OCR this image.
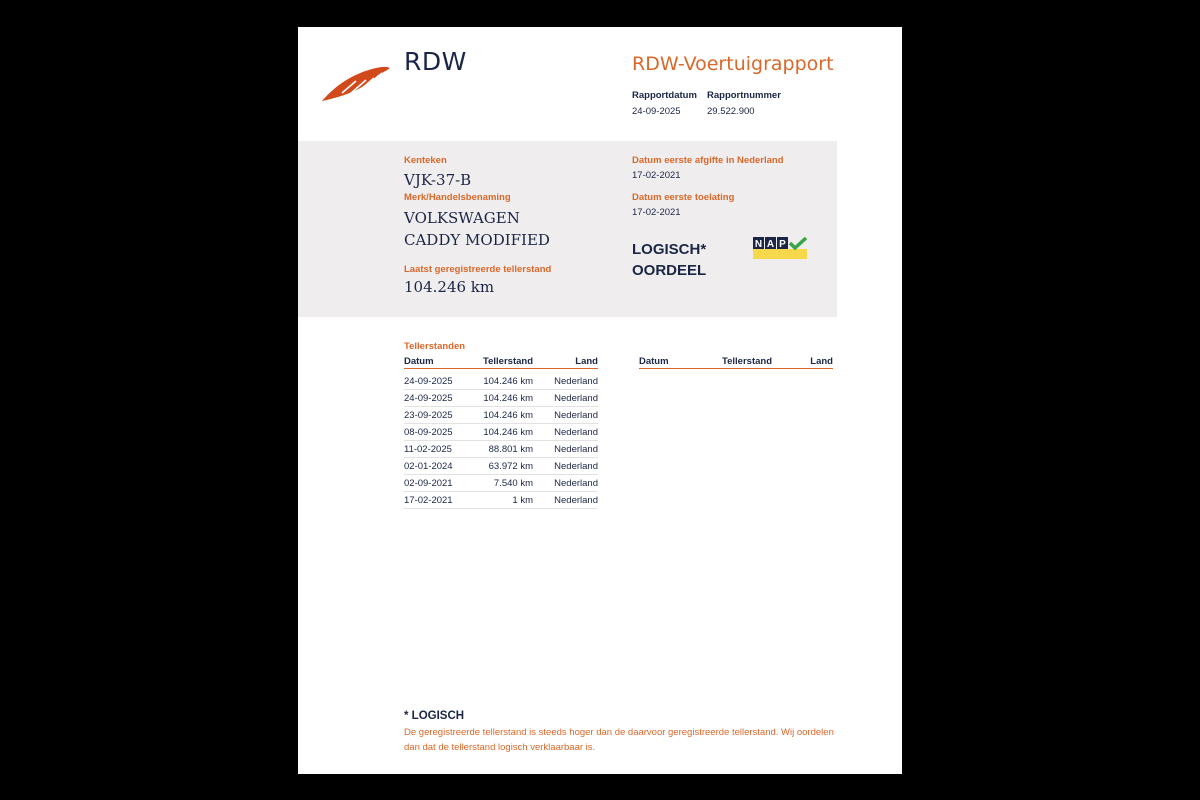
RDW	RDW-Voertuigrapport
Rapportdatum
24-09-2025
Rapportnummer
29.522.900
Kenteken
VJK-37-B
Merk/Handelsbenaming
VOLKSWAGEN
CADDY MODIFIED
Laatst geregistreerde tellerstand
104.246 km
Datum eerste afgifte in Nederland
17-02-2021
Datum eerste toelating
17-02-2021
LOGISCH*
OORDEEL
N A P
Tellerstanden
Datum	Tellerstand	Land

24-09-2025	104.246 km	Nederland
24-09-2025	104.246 km	Nederland
23-09-2025	104.246 km	Nederland
08-09-2025	104.246 km	Nederland
11-02-2025	88.801 km	Nederland
02-01-2024	63.972 km	Nederland
02-09-2021	7.540 km	Nederland
17-02-2021	1 km	Nederland
Datum	Tellerstand	Land
* LOGISCH
De geregistreerde tellerstand is steeds hoger dan de daarvoor geregistreerde tellerstand. Wij oordelen dan dat de tellerstand logisch verklaarbaar is.
